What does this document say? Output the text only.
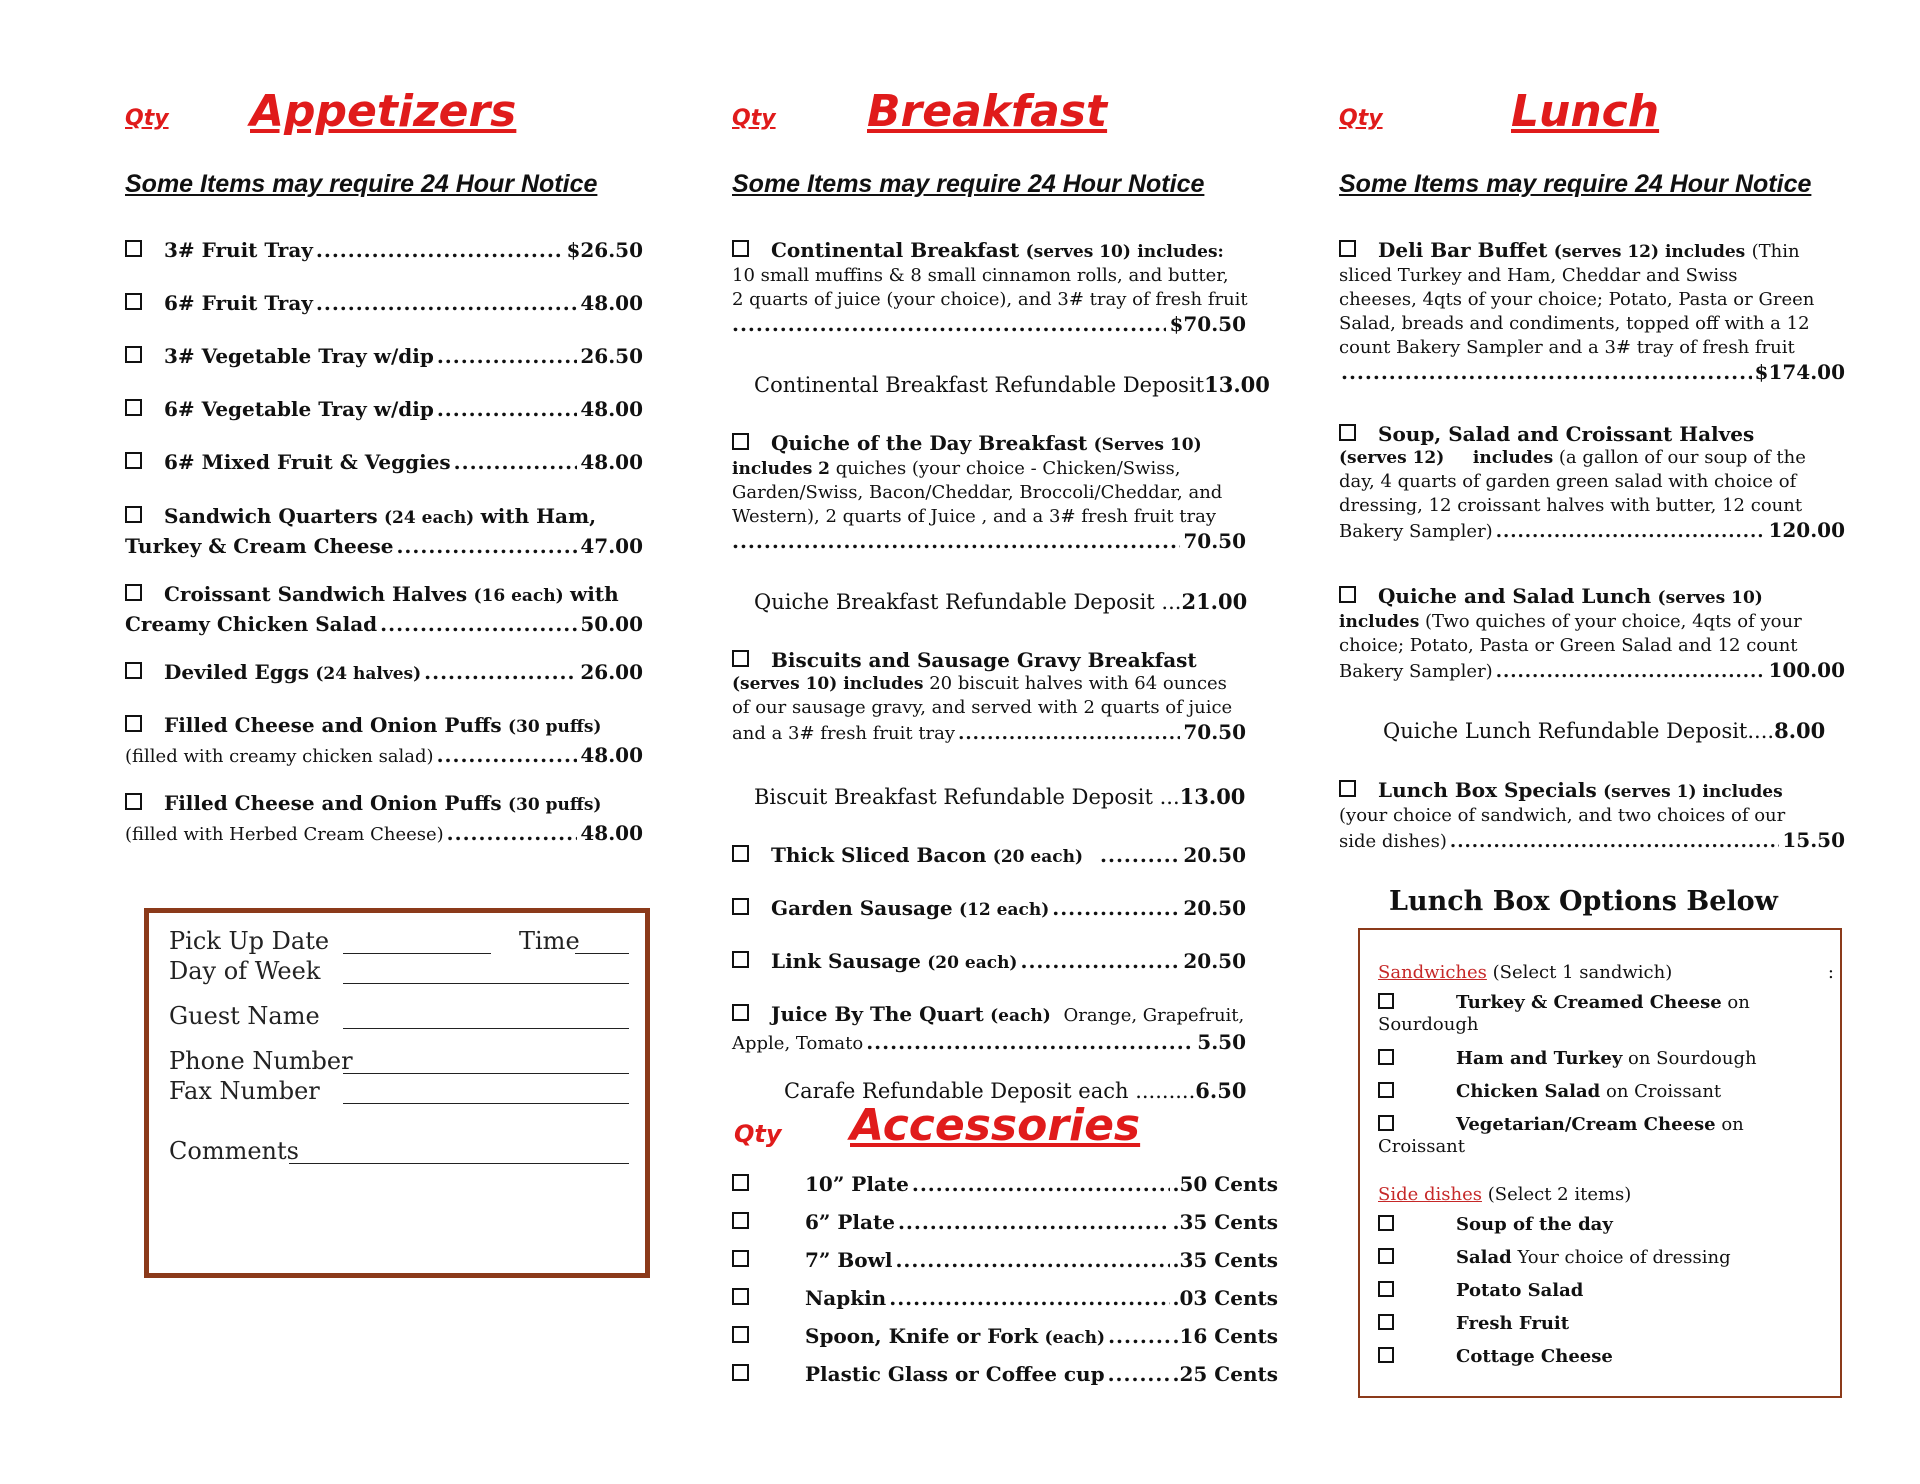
Qty Appetizers
Some Items may require 24 Hour Notice
3# Fruit Tray .....	$26.50
6# Fruit Tray .....	48.00
3# Vegetable Tray w/dip .....	26.50
6# Vegetable Tray w/dip .....	48.00
6# Mixed Fruit & Veggies .....	48.00
Sandwich Quarters
(24 each)
with Ham,
Turkey & Cream Cheese .....	47.00
Croissant Sandwich Halves
(16 each)
with
Creamy Chicken Salad .....	50.00
Deviled Eggs
(24 halves) .....	26.00
Filled Cheese and Onion Puffs
(30 puffs)
(filled with creamy chicken salad) .....	48.00
Filled Cheese and Onion Puffs
(30 puffs)
(filled with Herbed Cream Cheese) .....	48.00
Pick Up Date	Time
Day of Week
Guest Name
Phone Number
Fax Number
Comments
Qty Breakfast
Some Items may require 24 Hour Notice
Continental Breakfast
(serves 10)
includes:
10 small muffins & 8 small cinnamon rolls, and butter,
2 quarts of juice (your choice), and 3# tray of fresh fruit
.....
$70.50
Continental Breakfast Refundable Deposit13.00
Quiche of the Day Breakfast
(Serves 10)
includes 2 quiches (your choice - Chicken/Swiss,
Garden/Swiss, Bacon/Cheddar, Broccoli/Cheddar, and
Western), 2 quarts of Juice , and a 3# fresh fruit tray
.....
70.50
Quiche Breakfast Refundable Deposit ...21.00
Biscuits and Sausage Gravy Breakfast
(serves 10) includes 20 biscuit halves with 64 ounces
of our sausage gravy, and served with 2 quarts of juice
and a 3# fresh fruit tray .....	70.50
Biscuit Breakfast Refundable Deposit ...13.00
Thick Sliced Bacon
(20 each) .....	20.50
Garden Sausage
(12 each) .....	20.50
Link Sausage
(20 each) .....	20.50
Juice By The Quart
(each)
Orange, Grapefruit,
Apple, Tomato .....	5.50
Carafe Refundable Deposit each .........6.50
Qty Accessories
10” Plate .....	.50 Cents
6” Plate .....	.35 Cents
7” Bowl .....	.35 Cents
Napkin .....	.03 Cents
Spoon, Knife or Fork
(each) .....	.16 Cents
Plastic Glass or Coffee cup .....	.25 Cents
Qty	Lunch
Some Items may require 24 Hour Notice
Deli Bar Buffet
(serves 12) includes
(Thin
sliced Turkey and Ham, Cheddar and Swiss
cheeses, 4qts of your choice; Potato, Pasta or Green
Salad, breads and condiments, topped off with a 12
count Bakery Sampler and a 3# tray of fresh fruit
.....
$174.00
Soup, Salad and Croissant Halves
(serves 12) includes (a gallon of our soup of the
day, 4 quarts of garden green salad with choice of
dressing, 12 croissant halves with butter, 12 count
Bakery Sampler) .....	120.00
Quiche and Salad Lunch
(serves 10)
includes (Two quiches of your choice, 4qts of your
choice; Potato, Pasta or Green Salad and 12 count
Bakery Sampler) .....	100.00
Quiche Lunch Refundable Deposit....8.00
Lunch Box Specials
(serves 1) includes
(your choice of sandwich, and two choices of our
side dishes) .....	15.50
Lunch Box Options Below
Sandwiches (Select 1 sandwich)	:
Turkey & Creamed Cheese on
Sourdough
Ham and Turkey on Sourdough
Chicken Salad on Croissant
Vegetarian/Cream Cheese on
Croissant
Side dishes (Select 2 items)
Soup of the day
Salad Your choice of dressing
Potato Salad
Fresh Fruit
Cottage Cheese
